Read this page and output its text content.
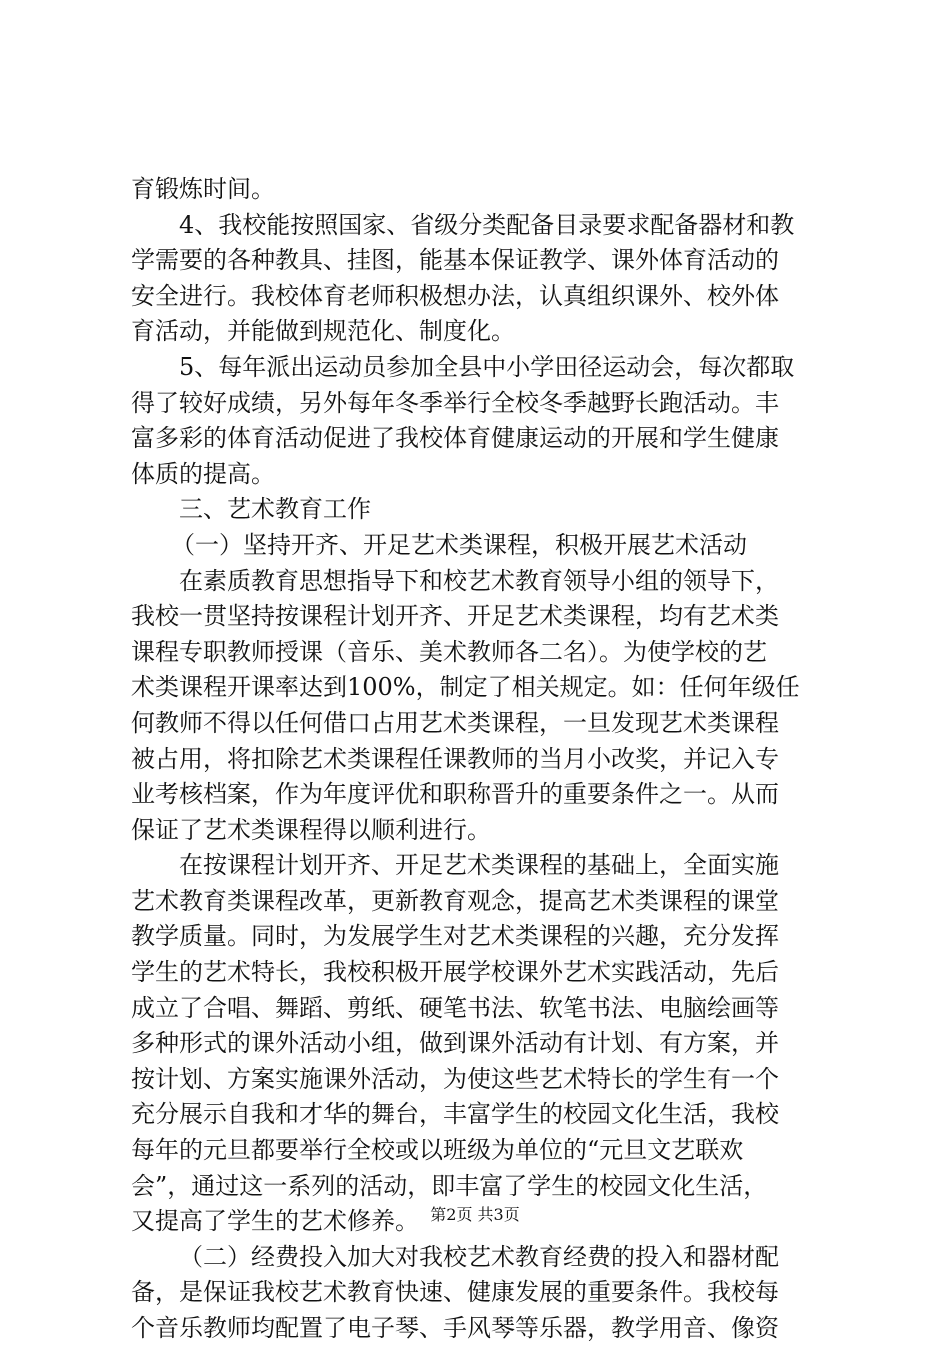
育锻炼时间。
4、我校能按照国家、省级分类配备目录要求配备器材和教
学需要的各种教具、挂图，能基本保证教学、课外体育活动的
安全进行。我校体育老师积极想办法，认真组织课外、校外体
育活动，并能做到规范化、制度化。
5、每年派出运动员参加全县中小学田径运动会，每次都取
得了较好成绩，另外每年冬季举行全校冬季越野长跑活动。丰
富多彩的体育活动促进了我校体育健康运动的开展和学生健康
体质的提高。
三、艺术教育工作
（一）坚持开齐、开足艺术类课程，积极开展艺术活动
在素质教育思想指导下和校艺术教育领导小组的领导下，
我校一贯坚持按课程计划开齐、开足艺术类课程，均有艺术类
课程专职教师授课（音乐、美术教师各二名）。为使学校的艺
术类课程开课率达到100%，制定了相关规定。如：任何年级任
何教师不得以任何借口占用艺术类课程，一旦发现艺术类课程
被占用，将扣除艺术类课程任课教师的当月小改奖，并记入专
业考核档案，作为年度评优和职称晋升的重要条件之一。从而
保证了艺术类课程得以顺利进行。
在按课程计划开齐、开足艺术类课程的基础上，全面实施
艺术教育类课程改革，更新教育观念，提高艺术类课程的课堂
教学质量。同时，为发展学生对艺术类课程的兴趣，充分发挥
学生的艺术特长，我校积极开展学校课外艺术实践活动，先后
成立了合唱、舞蹈、剪纸、硬笔书法、软笔书法、电脑绘画等
多种形式的课外活动小组，做到课外活动有计划、有方案，并
按计划、方案实施课外活动，为使这些艺术特长的学生有一个
充分展示自我和才华的舞台，丰富学生的校园文化生活，我校
每年的元旦都要举行全校或以班级为单位的“元旦文艺联欢
会”，通过这一系列的活动，即丰富了学生的校园文化生活，
又提高了学生的艺术修养。
（二）经费投入加大对我校艺术教育经费的投入和器材配
备，是保证我校艺术教育快速、健康发展的重要条件。我校每
个音乐教师均配置了电子琴、手风琴等乐器，教学用音、像资
第2页 共3页
